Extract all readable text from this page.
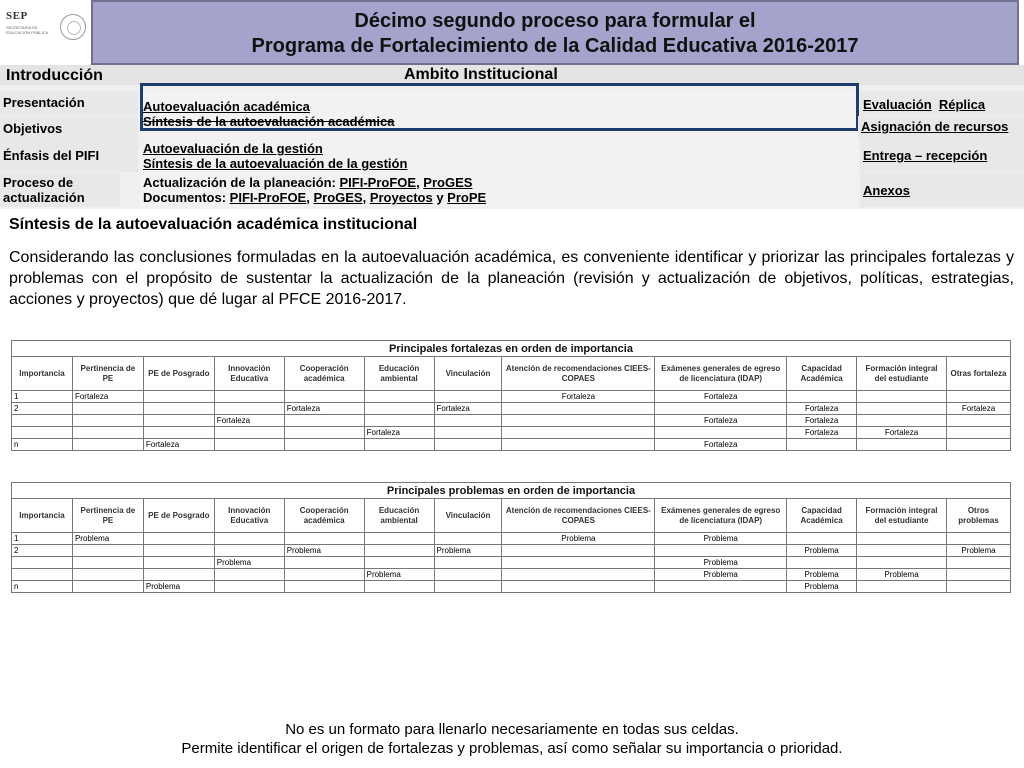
SEP
SECRETARÍA DE EDUCACIÓN PÚBLICA
Décimo segundo proceso para formular el
Programa de Fortalecimiento de la Calidad Educativa 2016-2017
Introducción	Ambito Institucional
Presentación
Objetivos
Énfasis del PIFI
Proceso de actualización
Autoevaluación académica
Síntesis de la autoevaluación académica
Autoevaluación de la gestión
Síntesis de la autoevaluación de la gestión
Actualización de la planeación: PIFI-ProFOE, ProGES
Documentos: PIFI-ProFOE, ProGES, Proyectos y ProPE
Evaluación Réplica
Asignación de recursos
Entrega – recepción
Anexos
Síntesis de la autoevaluación académica institucional
Considerando las conclusiones formuladas en la autoevaluación académica, es conveniente identificar y priorizar las principales fortalezas y problemas con el propósito de sustentar la actualización de la planeación (revisión y actualización de objetivos, políticas, estrategias, acciones y proyectos) que dé lugar al PFCE 2016-2017.
Principales fortalezas en orden de importancia											
Importancia	Pertinencia de PE	PE de Posgrado	Innovación Educativa	Cooperación académica	Educación ambiental	Vinculación	Atención de recomendaciones CIEES-COPAES	Exámenes generales de egreso de licenciatura (IDAP)	Capacidad Académica	Formación integral del estudiante	Otras fortaleza
1	Fortaleza						Fortaleza	Fortaleza			
2				Fortaleza		Fortaleza			Fortaleza		Fortaleza
			Fortaleza					Fortaleza	Fortaleza		
					Fortaleza				Fortaleza	Fortaleza	
n		Fortaleza						Fortaleza			
Principales problemas en orden de importancia											
Importancia	Pertinencia de PE	PE de Posgrado	Innovación Educativa	Cooperación académica	Educación ambiental	Vinculación	Atención de recomendaciones CIEES-COPAES	Exámenes generales de egreso de licenciatura (IDAP)	Capacidad Académica	Formación integral del estudiante	Otros problemas
1	Problema						Problema	Problema			
2				Problema		Problema			Problema		Problema
			Problema					Problema			
					Problema			Problema	Problema	Problema	
n		Problema							Problema		
No es un formato para llenarlo necesariamente en todas sus celdas.
Permite identificar el origen de fortalezas y problemas, así como señalar su importancia o prioridad.
